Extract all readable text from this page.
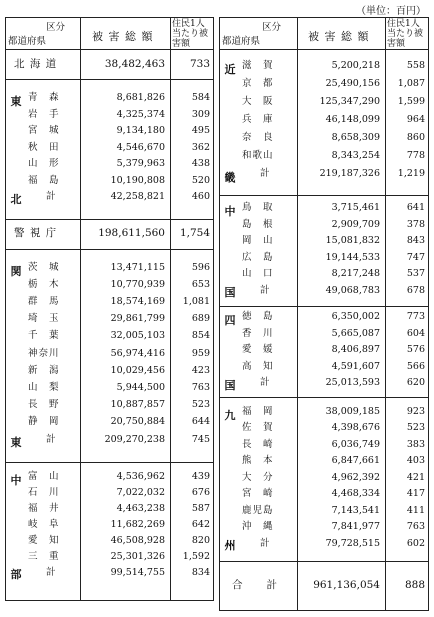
（単位：百円）
区分
都道府県	被 害 総 額
住民1人当たり被害額
北 海 道	38,482,463 733
東
北
青　森	8,681,826	584
岩　手	4,325,374	309
宮　城	9,134,180	495
秋　田	4,546,670	362
山　形	5,379,963	438
福　島	10,190,808	520
計	42,258,821	460
警 視 庁	198,611,560 1,754
関
東
茨　城	13,471,115	596
栃　木	10,770,939	653
群　馬	18,574,169 1,081
埼　玉	29,861,799	689
千　葉	32,005,103	854
神奈川	56,974,416	959
新　潟	10,029,456	423
山　梨	5,944,500	763
長　野	10,887,857	523
静　岡	20,750,884	644
計	209,270,238	745
中
部
富　山	4,536,962	439
石　川	7,022,032	676
福　井	4,463,238	587
岐　阜	11,682,269	642
愛　知	46,508,928	820
三　重	25,301,326 1,592
計	99,514,755	834
区分
都道府県	被 害 総 額
住民1人当たり被害額
近
畿
滋　賀	5,200,218	558
京　都	25,490,156 1,087
大　阪	125,347,290 1,599
兵　庫	46,148,099	964
奈　良	8,658,309	860
和歌山	8,343,254	778
計	219,187,326 1,219
中
国
鳥　取	3,715,461	641
島　根	2,909,709	378
岡　山	15,081,832	843
広　島	19,144,533	747
山　口	8,217,248	537
計	49,068,783	678
四
国
徳　島	6,350,002	773
香　川	5,665,087	604
愛　媛	8,406,897	576
高　知	4,591,607	566
計	25,013,593	620
九
州
福　岡	38,009,185	923
佐　賀	4,398,676	523
長　崎	6,036,749	383
熊　本	6,847,661	403
大　分	4,962,392	421
宮　崎	4,468,334	417
鹿児島	7,143,541	411
沖　縄	7,841,977	763
計	79,728,515	602
合　　計	961,136,054 888
